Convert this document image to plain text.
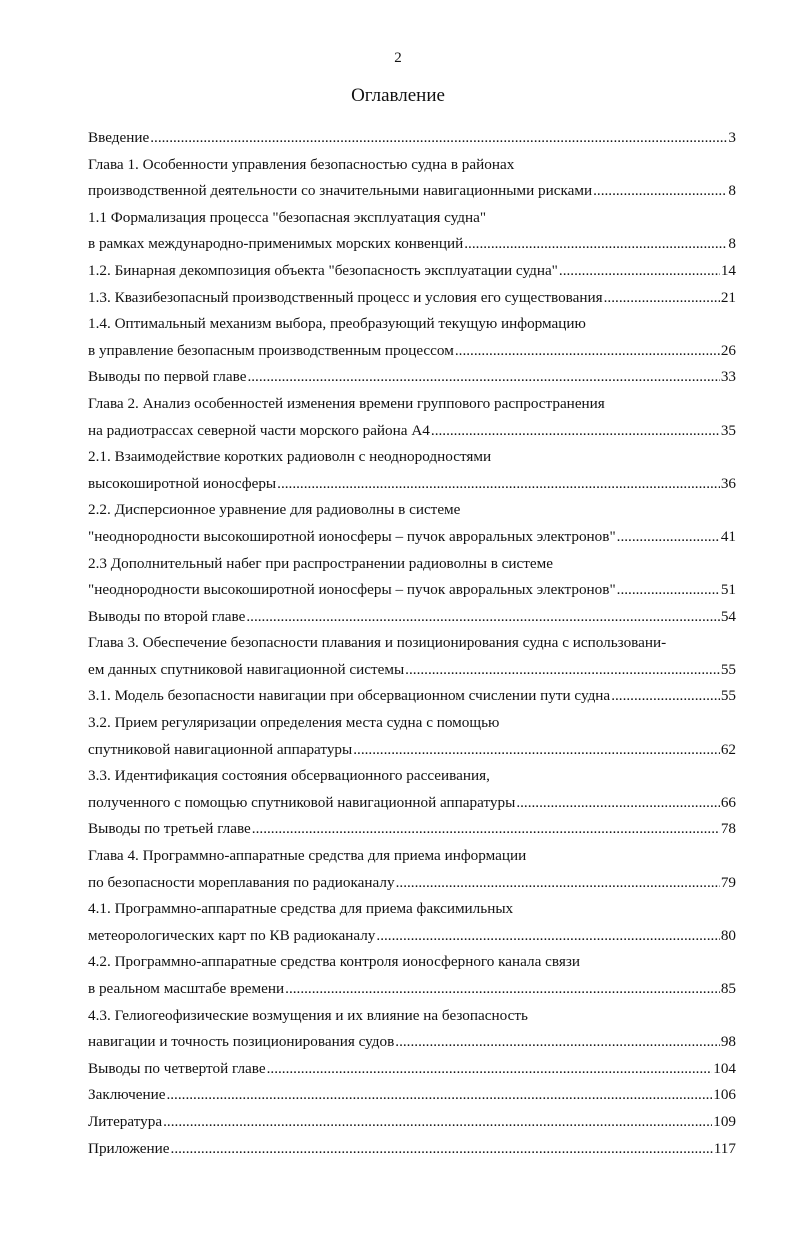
2
Оглавление
Введение .....	3
Глава 1. Особенности управления безопасностью судна в районах
производственной деятельности со значительными навигационными рисками .....	8
1.1 Формализация процесса "безопасная эксплуатация судна"
в рамках международно-применимых морских конвенций .....	8
1.2. Бинарная декомпозиция объекта "безопасность эксплуатации судна" .....	14
1.3. Квазибезопасный производственный процесс и условия его существования .....	21
1.4. Оптимальный механизм выбора, преобразующий текущую информацию
в управление безопасным производственным процессом .....	26
Выводы по первой главе .....	33
Глава 2. Анализ особенностей изменения времени группового распространения
на радиотрассах северной части морского района А4 .....	35
2.1. Взаимодействие коротких радиоволн с неоднородностями
высокоширотной ионосферы .....	36
2.2. Дисперсионное уравнение для радиоволны в системе
"неоднородности высокоширотной ионосферы – пучок авроральных электронов" .....	41
2.3 Дополнительный набег при распространении радиоволны в системе
"неоднородности высокоширотной ионосферы – пучок авроральных электронов" .....	51
Выводы по второй главе .....	54
Глава 3. Обеспечение безопасности плавания и позиционирования судна с использовани-
ем данных спутниковой навигационной системы .....	55
3.1. Модель безопасности навигации при обсервационном счислении пути судна .....	55
3.2. Прием регуляризации определения места судна с помощью
спутниковой навигационной аппаратуры .....	62
3.3. Идентификация состояния обсервационного рассеивания,
полученного с помощью спутниковой навигационной аппаратуры .....	66
Выводы по третьей главе .....	78
Глава 4. Программно-аппаратные средства для приема информации
по безопасности мореплавания по радиоканалу .....	79
4.1. Программно-аппаратные средства для приема факсимильных
метеорологических карт по КВ радиоканалу .....	80
4.2. Программно-аппаратные средства контроля ионосферного канала связи
в реальном масштабе времени .....	85
4.3. Гелиогеофизические возмущения и их влияние на безопасность
навигации и точность позиционирования судов .....	98
Выводы по четвертой главе .....	104
Заключение .....	106
Литература .....	109
Приложение .....	117
